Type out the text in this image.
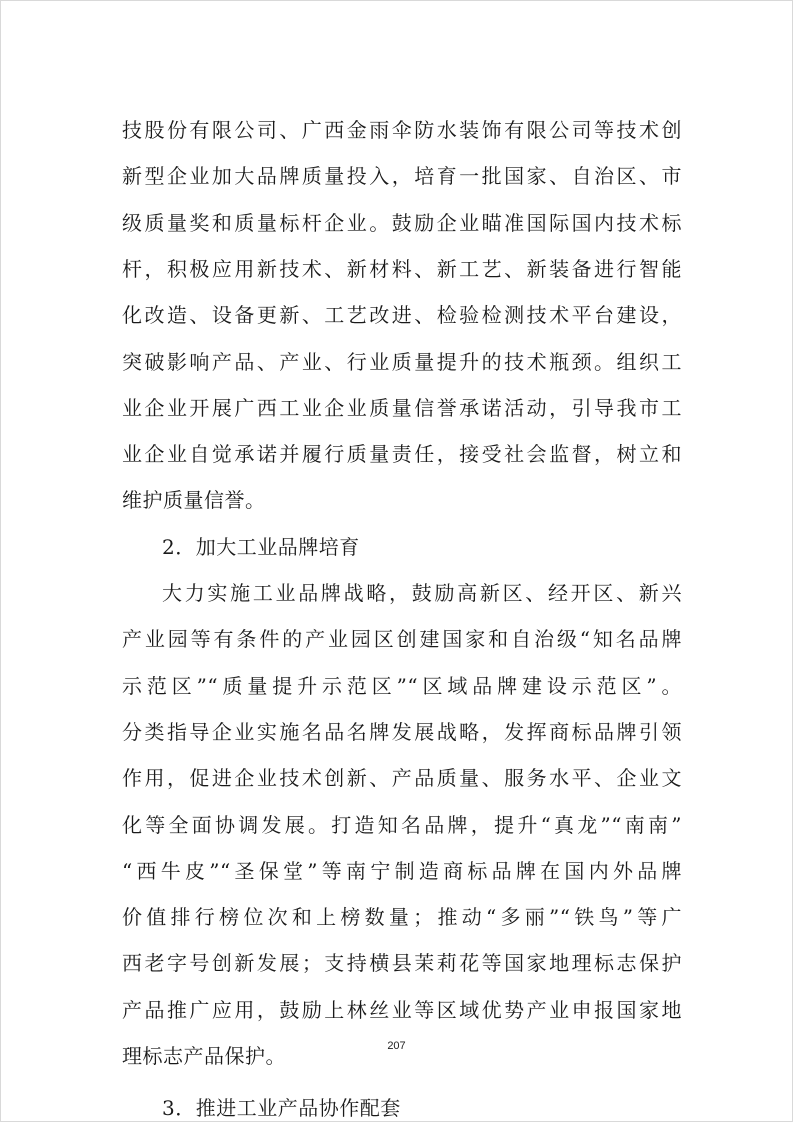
技股份有限公司、广西金雨伞防水装饰有限公司等技术创
新型企业加大品牌质量投入，培育一批国家、自治区、市
级质量奖和质量标杆企业。鼓励企业瞄准国际国内技术标
杆，积极应用新技术、新材料、新工艺、新装备进行智能
化改造、设备更新、工艺改进、检验检测技术平台建设，
突破影响产品、产业、行业质量提升的技术瓶颈。组织工
业企业开展广西工业企业质量信誉承诺活动，引导我市工
业企业自觉承诺并履行质量责任，接受社会监督，树立和
维护质量信誉。
2．加大工业品牌培育
大力实施工业品牌战略，鼓励高新区、经开区、新兴
产业园等有条件的产业园区创建国家和自治级“知名品牌
示范区”“质量提升示范区”“区域品牌建设示范区”。
分类指导企业实施名品名牌发展战略，发挥商标品牌引领
作用，促进企业技术创新、产品质量、服务水平、企业文
化等全面协调发展。打造知名品牌，提升“真龙”“南南”
“西牛皮”“圣保堂”等南宁制造商标品牌在国内外品牌
价值排行榜位次和上榜数量；推动“多丽”“铁鸟”等广
西老字号创新发展；支持横县茉莉花等国家地理标志保护
产品推广应用，鼓励上林丝业等区域优势产业申报国家地
理标志产品保护。
3．推进工业产品协作配套
207
